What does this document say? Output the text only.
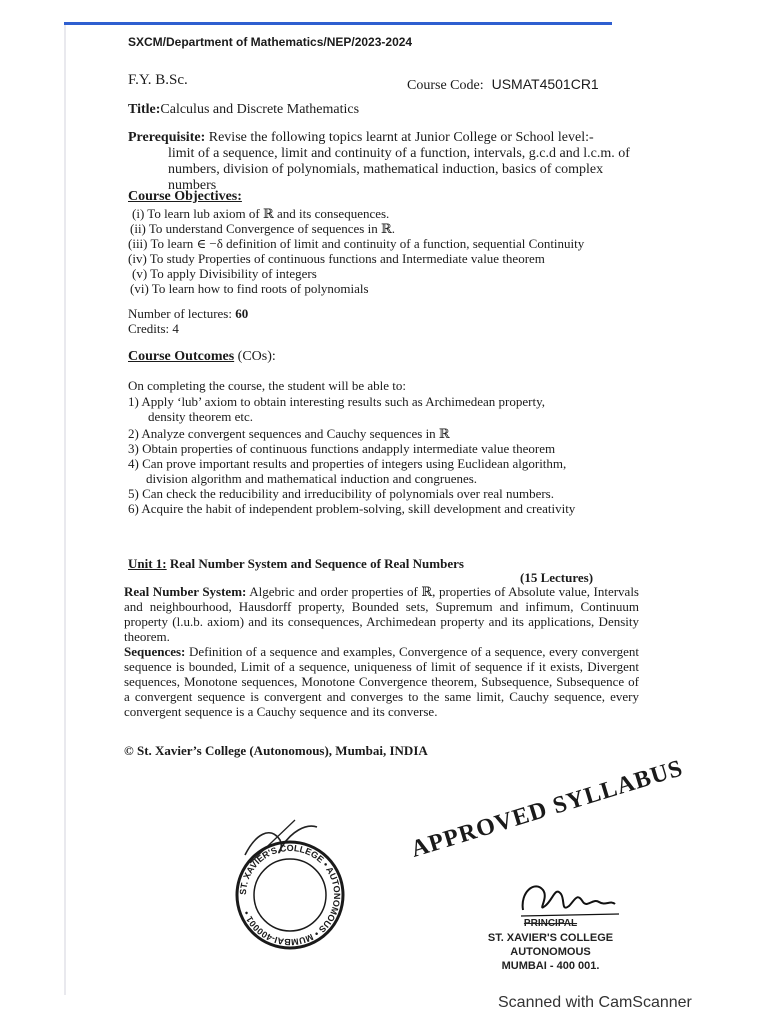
SXCM/Department of Mathematics/NEP/2023-2024

F.Y. B.Sc.	Course Code: USMAT4501CR1
Title:Calculus and Discrete Mathematics
Prerequisite: Revise the following topics learnt at Junior College or School level:-
limit of a sequence, limit and continuity of a function, intervals, g.c.d and l.c.m. of
numbers, division of polynomials, mathematical induction, basics of complex numbers
Course Objectives:
(i) To learn lub axiom of ℝ and its consequences.
(ii) To understand Convergence of sequences in ℝ.
(iii) To learn ∈ −δ definition of limit and continuity of a function, sequential Continuity
(iv) To study Properties of continuous functions and Intermediate value theorem
(v) To apply Divisibility of integers
(vi) To learn how to find roots of polynomials
Number of lectures: 60
Credits: 4
Course Outcomes (COs):
On completing the course, the student will be able to:
1) Apply ‘lub’ axiom to obtain interesting results such as Archimedean property,
density theorem etc.
2) Analyze convergent sequences and Cauchy sequences in ℝ
3) Obtain properties of continuous functions andapply intermediate value theorem
4) Can prove important results and properties of integers using Euclidean algorithm,
division algorithm and mathematical induction and congruenes.
5) Can check the reducibility and irreducibility of polynomials over real numbers.
6) Acquire the habit of independent problem-solving, skill development and creativity
Unit 1: Real Number System and Sequence of Real Numbers
(15 Lectures)
Real Number System: Algebric and order properties of ℝ, properties of Absolute value, Intervals and neighbourhood, Hausdorff property, Bounded sets, Supremum and infimum, Continuum property (l.u.b. axiom) and its consequences, Archimedean property and its applications, Density theorem.
Sequences: Definition of a sequence and examples, Convergence of a sequence, every convergent sequence is bounded, Limit of a sequence, uniqueness of limit of sequence if it exists, Divergent sequences, Monotone sequences, Monotone Convergence theorem, Subsequence, Subsequence of a convergent sequence is convergent and converges to the same limit, Cauchy sequence, every convergent sequence is a Cauchy sequence and its converse.
© St. Xavier’s College (Autonomous), Mumbai, INDIA
ST. XAVIER'S COLLEGE • AUTONOMOUS • MUMBAI-400001 •
APPROVED SYLLABUS
PRINCIPAL
ST. XAVIER'S COLLEGE
AUTONOMOUS
MUMBAI - 400 001.
Scanned with CamScanner
